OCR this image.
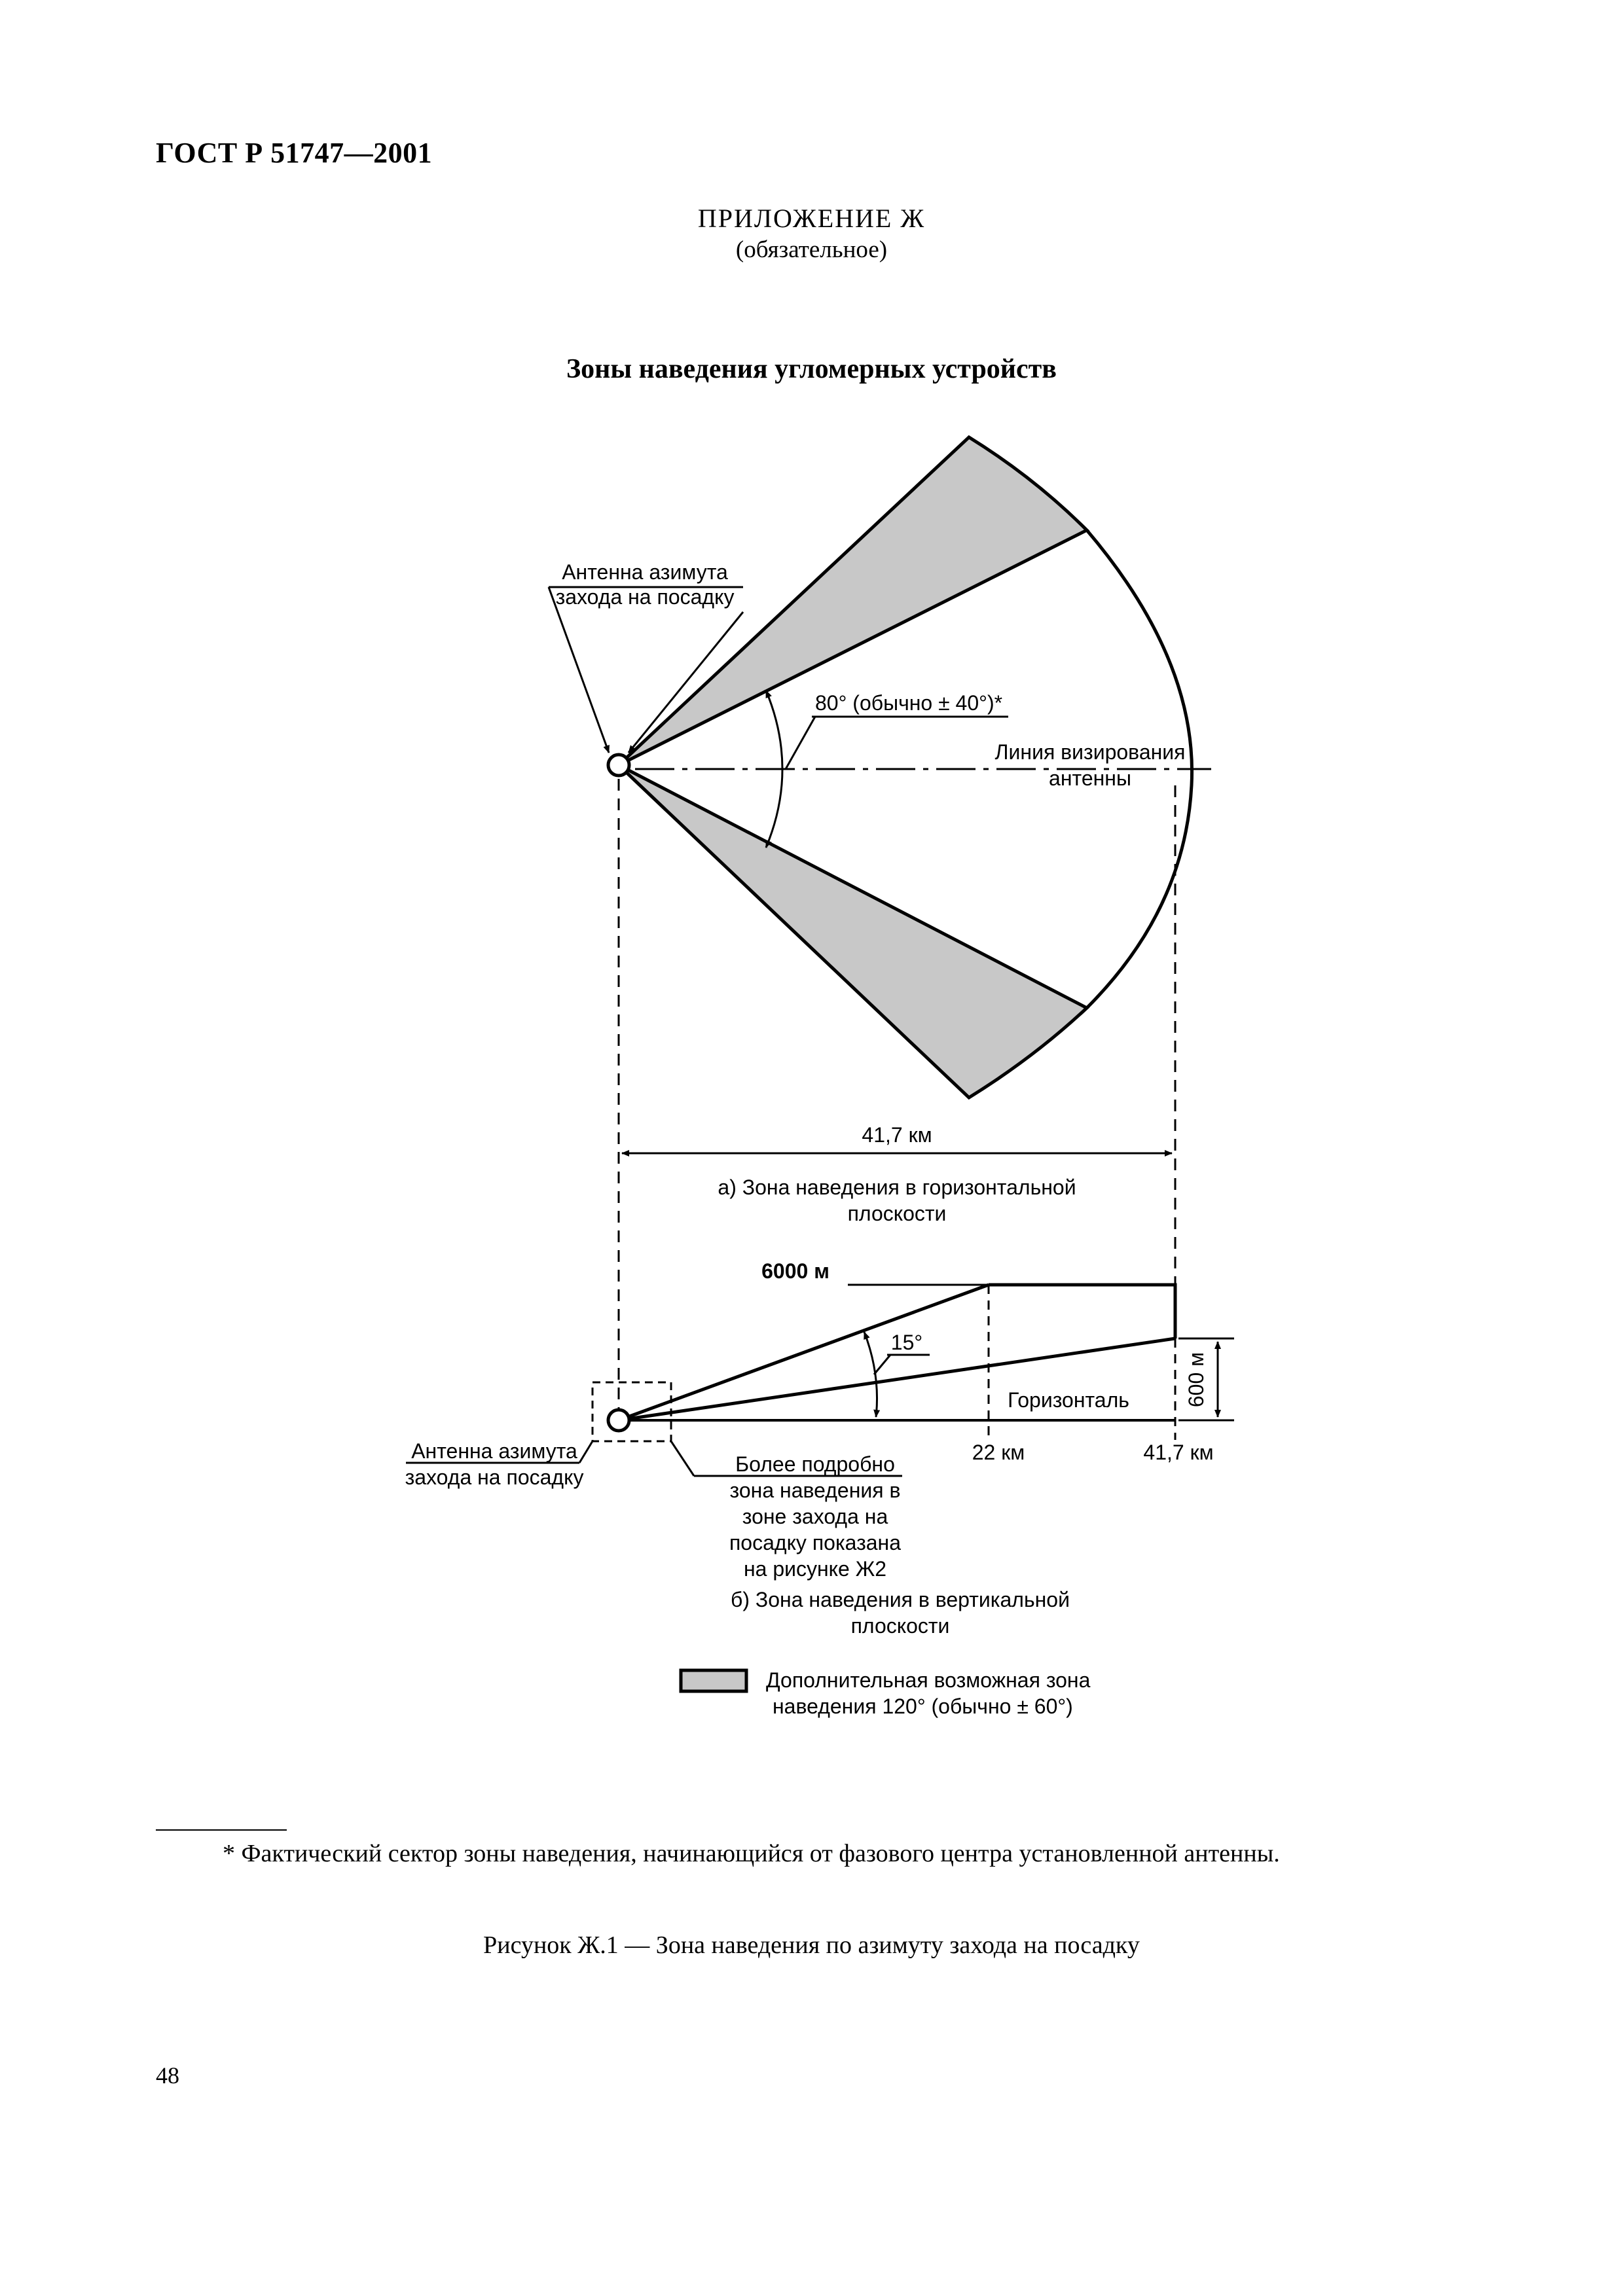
ГОСТ Р 51747—2001
ПРИЛОЖЕНИЕ Ж
(обязательное)
Зоны наведения угломерных устройств
80° (обычно ± 40°)*
Линия визирования
антенны
Антенна азимута
захода на посадку
41,7 км
а) Зона наведения в горизонтальной
плоскости
6000 м
Горизонталь
22 км	41,7 км
15°
600 м
Антенна азимута
захода на посадку
Более подробно
зона наведения в
зоне захода на
посадку показана
на рисунке Ж2
б) Зона наведения в вертикальной
плоскости
Дополнительная возможная зона
наведения 120° (обычно ± 60°)
* Фактический сектор зоны наведения, начинающийся от фазового центра установленной антенны.
Рисунок Ж.1 — Зона наведения по азимуту захода на посадку
48
